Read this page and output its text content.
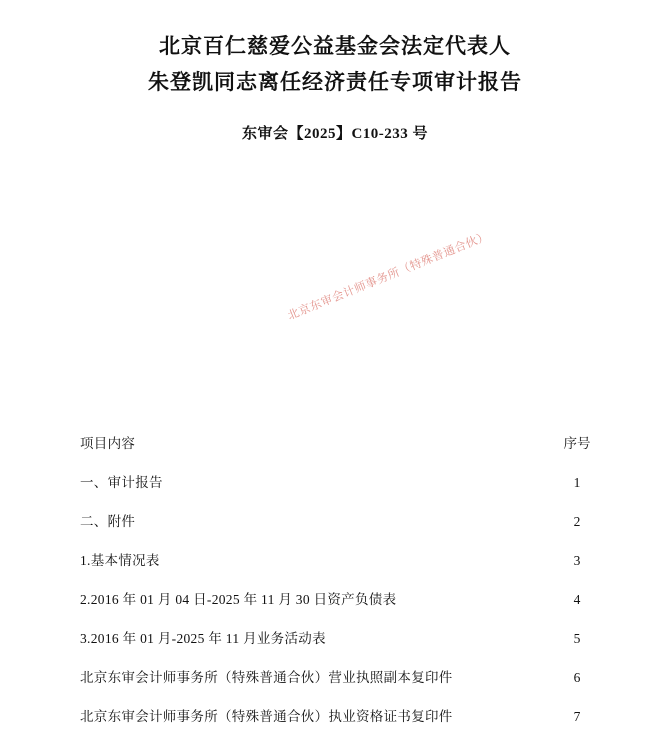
北京百仁慈爱公益基金会法定代表人
朱登凯同志离任经济责任专项审计报告
东审会【2025】C10-233 号
北京东审会计师事务所（特殊普通合伙）
项目内容	序号
一、审计报告	1
二、附件	2
1.基本情况表	3
2.2016 年 01 月 04 日-2025 年 11 月 30 日资产负债表	4
3.2016 年 01 月-2025 年 11 月业务活动表	5
北京东审会计师事务所（特殊普通合伙）营业执照副本复印件	6
北京东审会计师事务所（特殊普通合伙）执业资格证书复印件	7
